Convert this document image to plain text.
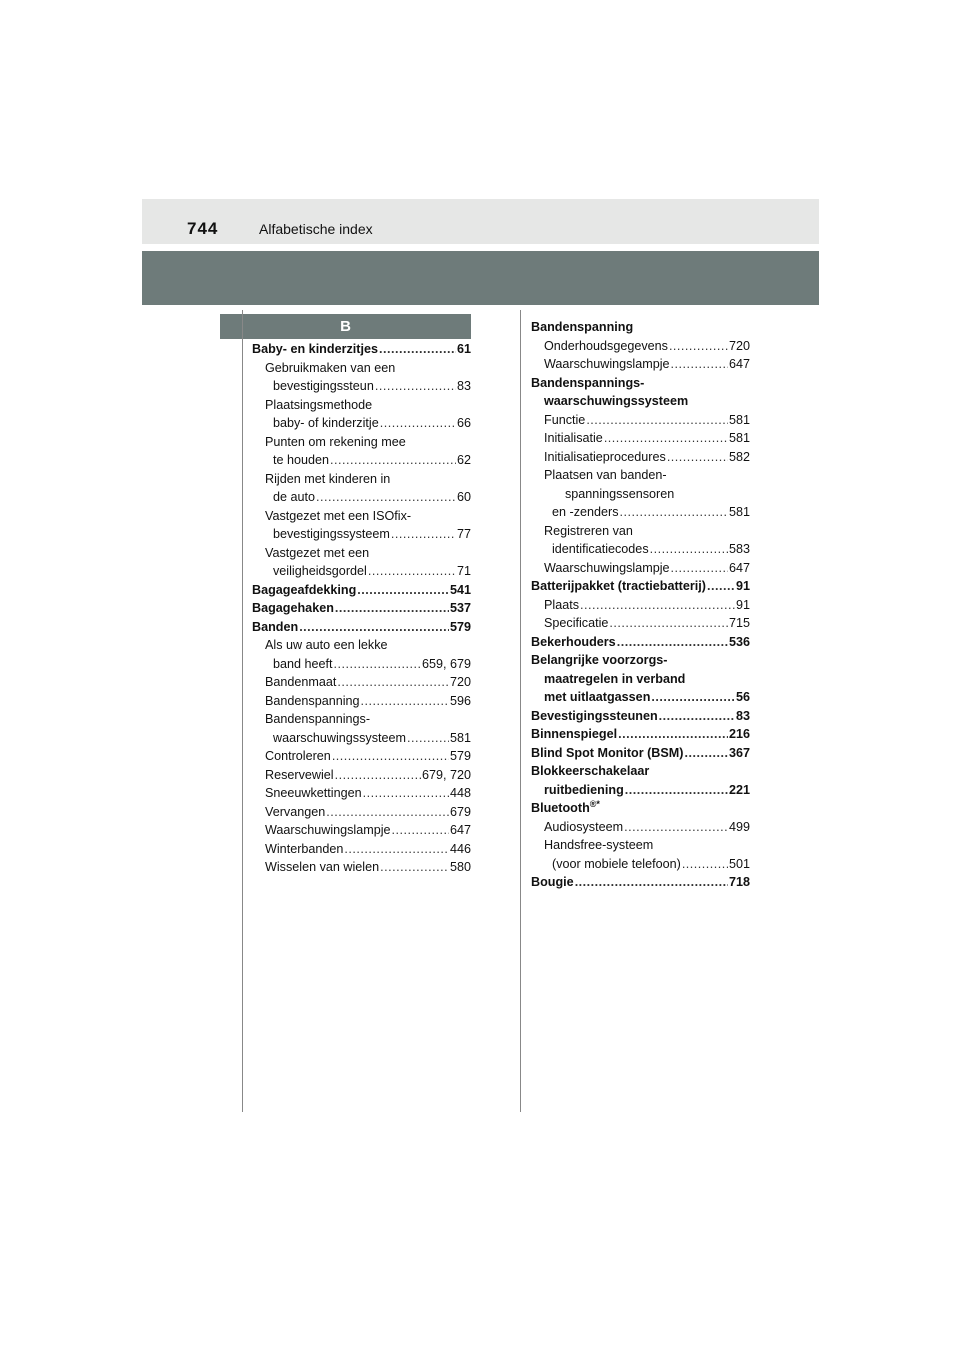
744	Alfabetische index
B
Baby- en kinderzitjes .....	61
Gebruikmaken van een
bevestigingssteun .....	83
Plaatsingsmethode
baby- of kinderzitje .....	66
Punten om rekening mee
te houden .....	62
Rijden met kinderen in
de auto .....	60
Vastgezet met een ISOfix-
bevestigingssysteem .....	77
Vastgezet met een
veiligheidsgordel .....	71
Bagageafdekking .....	541
Bagagehaken .....	537
Banden .....	579
Als uw auto een lekke
band heeft .....	659, 679
Bandenmaat .....	720
Bandenspanning .....	596
Bandenspannings-
waarschuwingssysteem .....	581
Controleren .....	579
Reservewiel .....	679, 720
Sneeuwkettingen .....	448
Vervangen .....	679
Waarschuwingslampje .....	647
Winterbanden .....	446
Wisselen van wielen .....	580
Bandenspanning
Onderhoudsgegevens .....	720
Waarschuwingslampje .....	647
Bandenspannings-
waarschuwingssysteem
Functie .....	581
Initialisatie .....	581
Initialisatieprocedures .....	582
Plaatsen van banden-
spanningssensoren
en -zenders .....	581
Registreren van
identificatiecodes .....	583
Waarschuwingslampje .....	647
Batterijpakket (tractiebatterij) ..... 91
Plaats .....	91
Specificatie .....	715
Bekerhouders .....	536
Belangrijke voorzorgs-
maatregelen in verband
met uitlaatgassen .....	56
Bevestigingssteunen .....	83
Binnenspiegel .....	216
Blind Spot Monitor (BSM) .....	367
Blokkeerschakelaar
ruitbediening .....	221
Bluetooth®*
Audiosysteem .....	499
Handsfree-systeem
(voor mobiele telefoon) .....	501
Bougie .....	718
